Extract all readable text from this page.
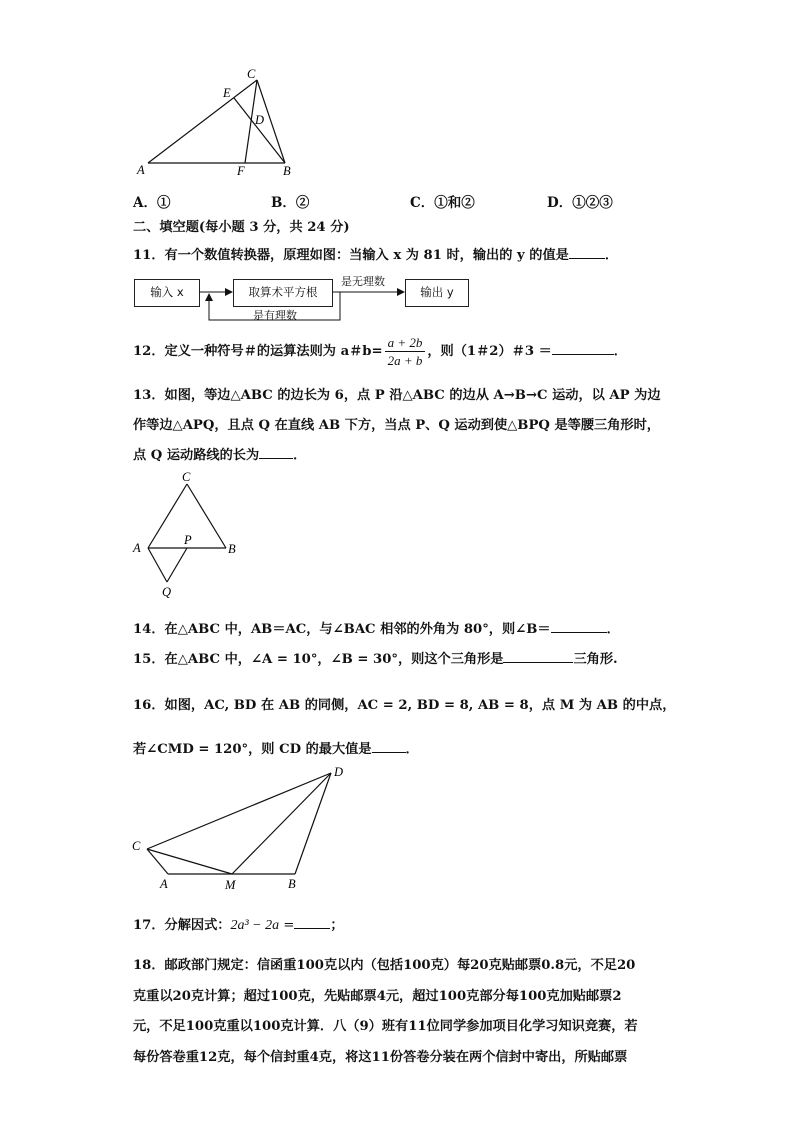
C
E
D
A	F	B
A．①	B．②	C．①和②	D．①②③
二、填空题(每小题 3 分，共 24 分)
11．有一个数值转换器，原理如图：当输入 x 为 81 时，输出的 y 的值是	．
输入 x	取算术平方根	输出 y
是无理数
是有理数
12．定义一种符号＃的运算法则为 a＃$b= \frac{a + 2b}{2a + b}$ ，则（1＃2）＃3 ＝	．
13．如图，等边△ABC 的边长为 6，点 P 沿△ABC 的边从 A→B→C 运动，以 AP 为边
作等边△APQ，且点 Q 在直线 AB 下方，当点 P、Q 运动到使△BPQ 是等腰三角形时，
点 Q 运动路线的长为	．
C
A
P
B
Q
14．在△ABC 中，AB＝AC，与∠BAC 相邻的外角为 80°，则∠B＝	．
15．在△ABC 中，∠A = 10°，∠B = 30°，则这个三角形是	三角形.
16．如图，AC, BD 在 AB 的同侧，AC = 2, BD = 8, AB = 8，点 M 为 AB 的中点，
若∠CMD = 120°，则 CD 的最大值是	．
D
C
A	M	B
17．分解因式：2a³ − 2a =	；
18．邮政部门规定：信函重100克以内（包括100克）每20克贴邮票0.8元，不足20
克重以20克计算；超过100克，先贴邮票4元，超过100克部分每100克加贴邮票2
元，不足100克重以100克计算．八（9）班有11位同学参加项目化学习知识竞赛，若
每份答卷重12克，每个信封重4克，将这11份答卷分装在两个信封中寄出，所贴邮票
